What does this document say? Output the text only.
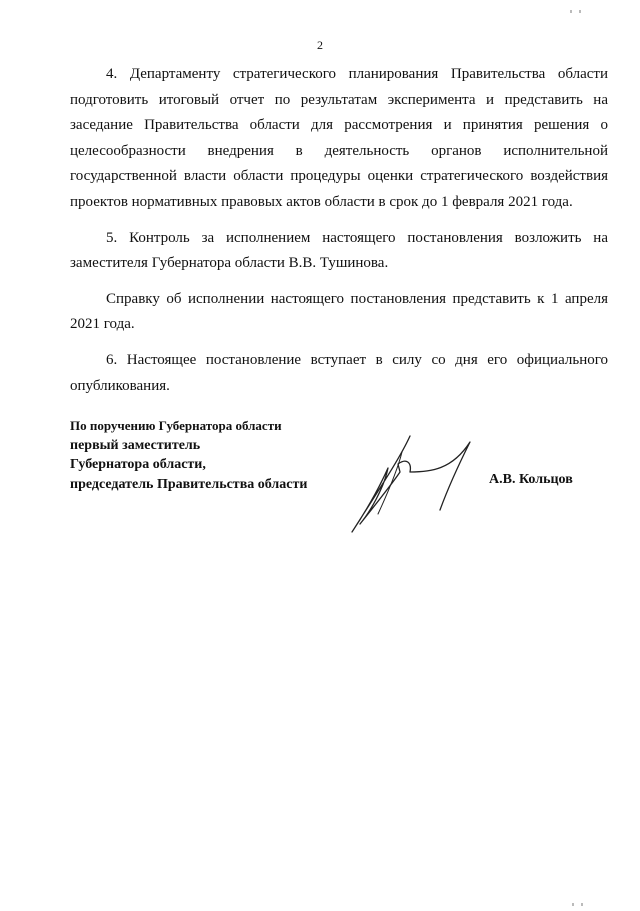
2

4. Департаменту стратегического планирования Правительства области подготовить итоговый отчет по результатам эксперимента и представить на заседание Правительства области для рассмотрения и принятия решения о целесообразности внедрения в деятельность органов исполнительной государственной власти области процедуры оценки стратегического воздействия проектов нормативных правовых актов области в срок до 1 февраля 2021 года.

5. Контроль за исполнением настоящего постановления возложить на заместителя Губернатора области В.В. Тушинова.

Справку об исполнении настоящего постановления представить к 1 апреля 2021 года.

6. Настоящее постановление вступает в силу со дня его официального опубликования.

По поручению Губернатора области
первый заместитель
Губернатора области,
председатель Правительства области	А.В. Кольцов
